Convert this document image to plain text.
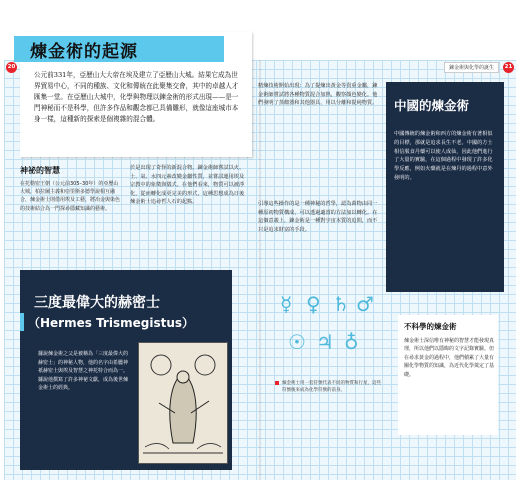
20	鍊金術與化學的誕生	21
煉金術的起源
公元前331年，亞歷山大大帝在埃及建立了亞歷山大城。結果它成為世界貿易中心，不同的種族、文化和傳統在此聚集交會，其中的卓越人才匯集一堂。在亞歷山大城中，化學與物理以鍊金術的形式出現——是一門神秘而不是科學，但許多作品和觀念都已具備雛形，就像這座城市本身一樣，這種新的探索是個複雜的混合體。
神祕的智慧
在托勒密王朝（公元前305–30年）的亞歷山大城，柏拉圖主義和亞里斯多德學說相互融合，煉金術士則借用埃及工藝，將冶金與染色的技術結合為一門探尋隱藏知識的藝術。
於是出現了奇怪的新混合物。鍊金術師嘗試以火、土、氣、水四元素改變金屬性質，並嘗試運用埃及宗教中的象徵與儀式。在他們看來，物質可以被淨化，從而轉化成更完美的形式，這種思想成為日後煉金術士追尋哲人石的起點。
三度最偉大的赫密士
（Hermes Trismegistus）
據說煉金術之父是被稱為「三度最偉大的赫密士」的神秘人物，他的名字由希臘神祇赫密士與埃及智慧之神托特合而為一。據說他撰寫了許多神祕文獻，成為後世煉金術士的經典。
精煉技術開始出現：為了提煉出黃金等貴重金屬，鍊金術師嘗試將各種物質混合加熱，觀察顏色變化。他們發明了蒸餾器和其他器具，用以分離和提純物質。
引導這些操作的是一種神秘的哲學，認為萬物由同一種原初物質構成，可以透過適當的方法加以轉化。在這個意義上，鍊金術是一種對宇宙本質的追問，而不只是追求財富的手段。
中國的煉金術
中國傳統的煉金術和西方的煉金術有著相似的目標，那就是追求長生不老。中國的方士相信服食丹藥可以使人成仙，因此他們進行了大量的實驗，在這個過程中發現了許多化學反應，例如火藥就是在煉丹的過程中意外發明的。
☿ ♀ ♄ ♂
☉ ♃ ♁
煉金術士用一套符號代表不同的物質和行星，這些符號後來成為化學符號的前身。
不科學的煉金術
煉金術士深信唯有神秘的智慧才能發現真理，所以他們以隱晦的文字記錄實驗。但在尋求黃金的過程中，他們積累了大量有關化學物質的知識，為近代化學奠定了基礎。
